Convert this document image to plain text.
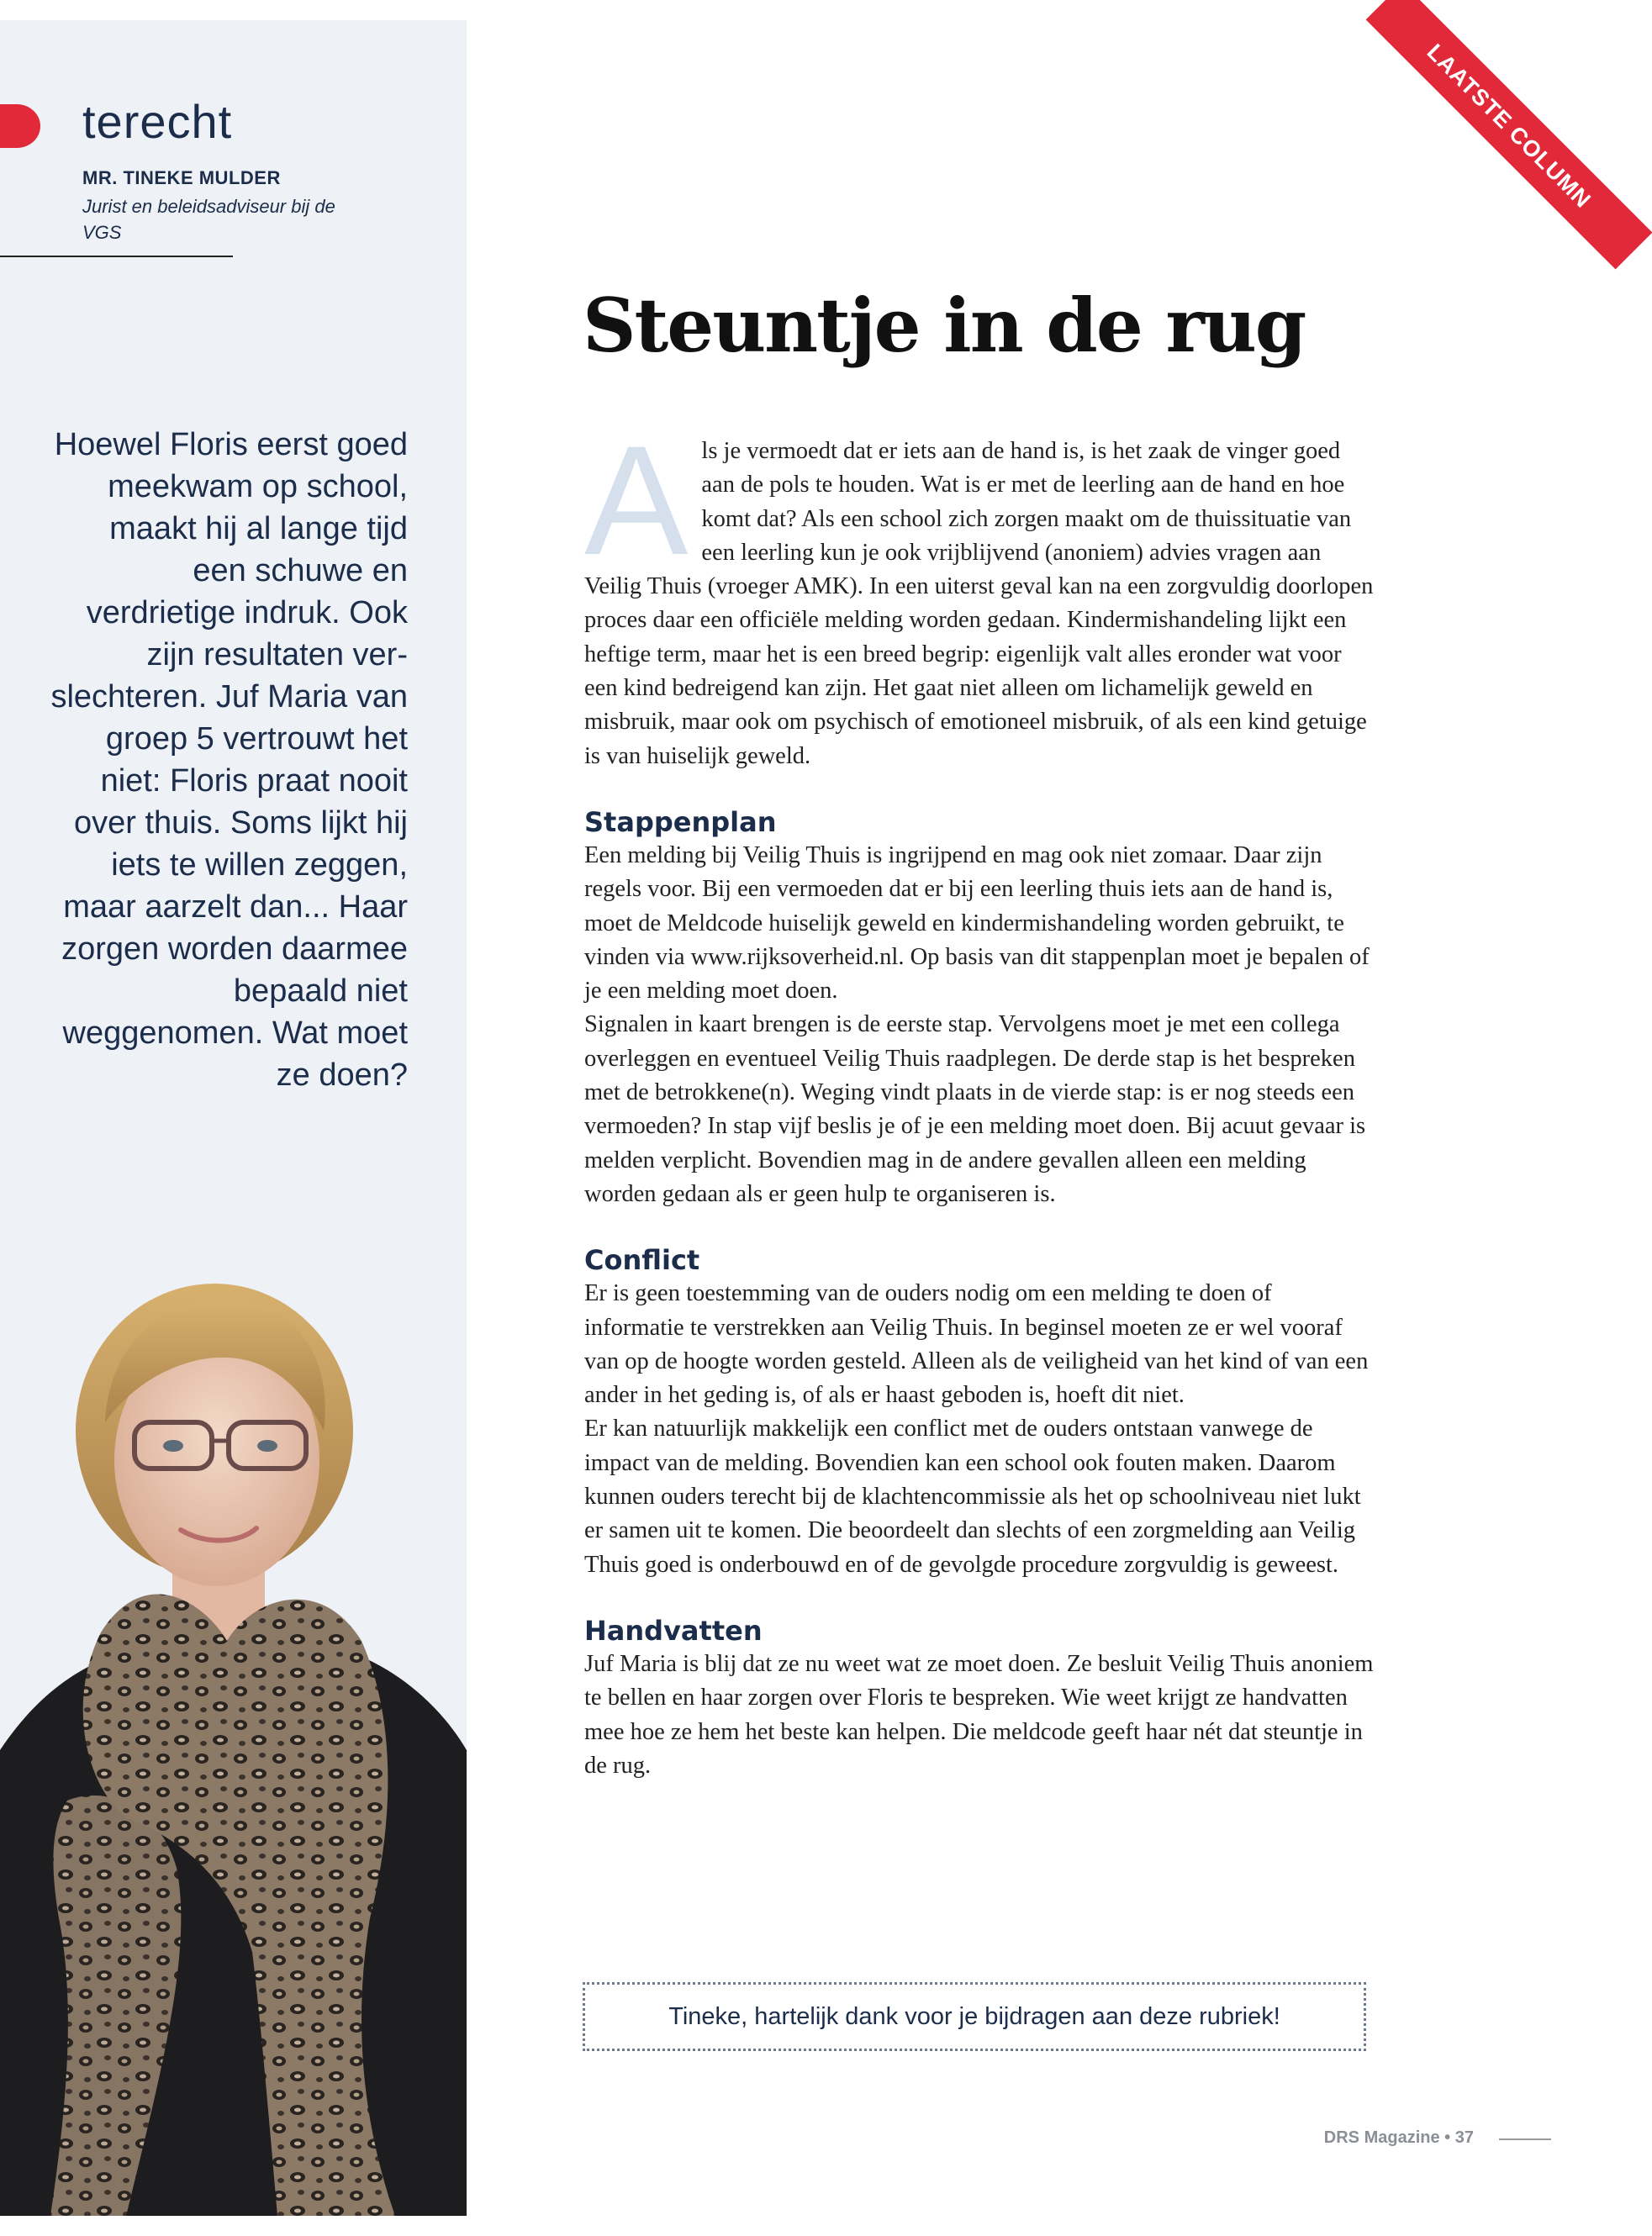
terecht
MR. TINEKE MULDER
Jurist en beleidsadviseur bij de VGS

Hoewel Floris eerst goed meekwam op school, maakt hij al lange tijd een schuwe en verdrietige indruk. Ook zijn resultaten verslechteren. Juf Maria van groep 5 vertrouwt het niet: Floris praat nooit over thuis. Soms lijkt hij iets te willen zeggen, maar aarzelt dan... Haar zorgen worden daarmee bepaald niet weggenomen. Wat moet ze doen?

LAATSTE COLUMN
Steuntje in de rug

Als je vermoedt dat er iets aan de hand is, is het zaak de vinger goed aan de pols te houden. Wat is er met de leerling aan de hand en hoe komt dat? Als een school zich zorgen maakt om de thuissituatie van een leerling kun je ook vrijblijvend (anoniem) advies vragen aan Veilig Thuis (vroeger AMK). In een uiterst geval kan na een zorgvuldig doorlopen proces daar een officiële melding worden gedaan. Kindermishandeling lijkt een heftige term, maar het is een breed begrip: eigenlijk valt alles eronder wat voor een kind bedreigend kan zijn. Het gaat niet alleen om lichamelijk geweld en misbruik, maar ook om psychisch of emotioneel misbruik, of als een kind getuige is van huiselijk geweld.

Stappenplan

Een melding bij Veilig Thuis is ingrijpend en mag ook niet zomaar. Daar zijn regels voor. Bij een vermoeden dat er bij een leerling thuis iets aan de hand is, moet de Meldcode huiselijk geweld en kindermishandeling worden gebruikt, te vinden via www.rijksoverheid.nl. Op basis van dit stappenplan moet je bepalen of je een melding moet doen.

Signalen in kaart brengen is de eerste stap. Vervolgens moet je met een collega overleggen en eventueel Veilig Thuis raadplegen. De derde stap is het bespreken met de betrokkene(n). Weging vindt plaats in de vierde stap: is er nog steeds een vermoeden? In stap vijf beslis je of je een melding moet doen. Bij acuut gevaar is melden verplicht. Bovendien mag in de andere gevallen alleen een melding worden gedaan als er geen hulp te organiseren is.

Conflict

Er is geen toestemming van de ouders nodig om een melding te doen of informatie te verstrekken aan Veilig Thuis. In beginsel moeten ze er wel vooraf van op de hoogte worden gesteld. Alleen als de veiligheid van het kind of van een ander in het geding is, of als er haast geboden is, hoeft dit niet.

Er kan natuurlijk makkelijk een conflict met de ouders ontstaan vanwege de impact van de melding. Bovendien kan een school ook fouten maken. Daarom kunnen ouders terecht bij de klachtencommissie als het op schoolniveau niet lukt er samen uit te komen. Die beoordeelt dan slechts of een zorgmelding aan Veilig Thuis goed is onderbouwd en of de gevolgde procedure zorgvuldig is geweest.

Handvatten

Juf Maria is blij dat ze nu weet wat ze moet doen. Ze besluit Veilig Thuis anoniem te bellen en haar zorgen over Floris te bespreken. Wie weet krijgt ze handvatten mee hoe ze hem het beste kan helpen. Die meldcode geeft haar nét dat steuntje in de rug.

Tineke, hartelijk dank voor je bijdragen aan deze rubriek!
DRS Magazine • 37
